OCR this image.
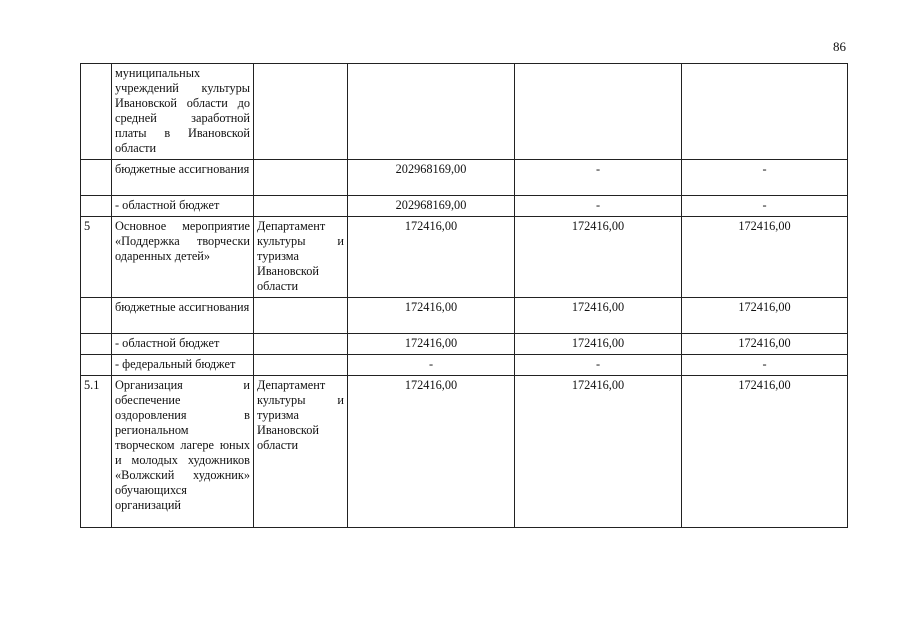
86
	муниципальных учреждений культуры Ивановской области до средней заработной платы в Ивановской области				
	бюджетные ассигнования		202968169,00	-	-
	- областной бюджет		202968169,00	-	-
5	Основное мероприятие «Поддержка творчески одаренных детей»	Департамент культуры и туризма Ивановской области	172416,00	172416,00	172416,00
	бюджетные ассигнования		172416,00	172416,00	172416,00
	- областной бюджет		172416,00	172416,00	172416,00
	- федеральный бюджет		-	-	-
5.1	Организация и обеспечение оздоровления в региональном творческом лагере юных и молодых художников «Волжский художник» обучающихся организаций	Департамент культуры и туризма Ивановской области	172416,00	172416,00	172416,00
